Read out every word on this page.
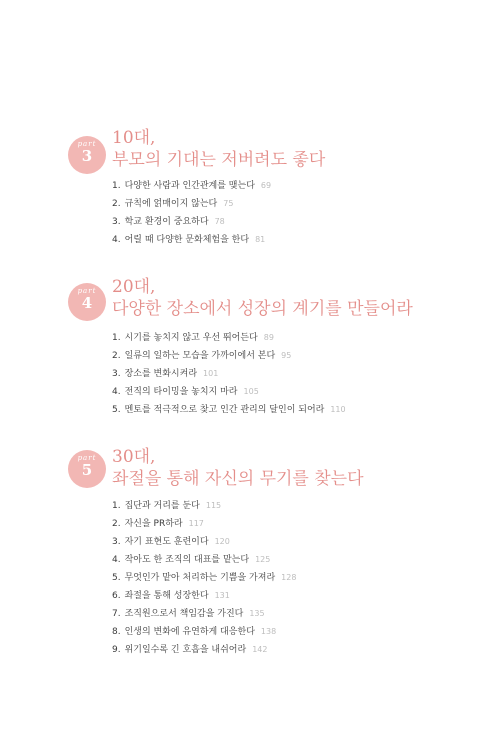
part
3
10대,
부모의 기대는 저버려도 좋다
1. 다양한 사람과 인간관계를 맺는다 69
2. 규칙에 얽매이지 않는다 75
3. 학교 환경이 중요하다 78
4. 어릴 때 다양한 문화체험을 한다 81
part
4
20대,
다양한 장소에서 성장의 계기를 만들어라
1. 시기를 놓치지 않고 우선 뛰어든다 89
2. 일류의 일하는 모습을 가까이에서 본다 95
3. 장소를 변화시켜라 101
4. 전직의 타이밍을 놓치지 마라 105
5. 멘토를 적극적으로 찾고 인간 관리의 달인이 되어라 110
part
5
30대,
좌절을 통해 자신의 무기를 찾는다
1. 집단과 거리를 둔다 115
2. 자신을 PR하라 117
3. 자기 표현도 훈련이다 120
4. 작아도 한 조직의 대표를 맡는다 125
5. 무엇인가 맡아 처리하는 기쁨을 가져라 128
6. 좌절을 통해 성장한다 131
7. 조직원으로서 책임감을 가진다 135
8. 인생의 변화에 유연하게 대응한다 138
9. 위기일수록 긴 호흡을 내쉬어라 142
